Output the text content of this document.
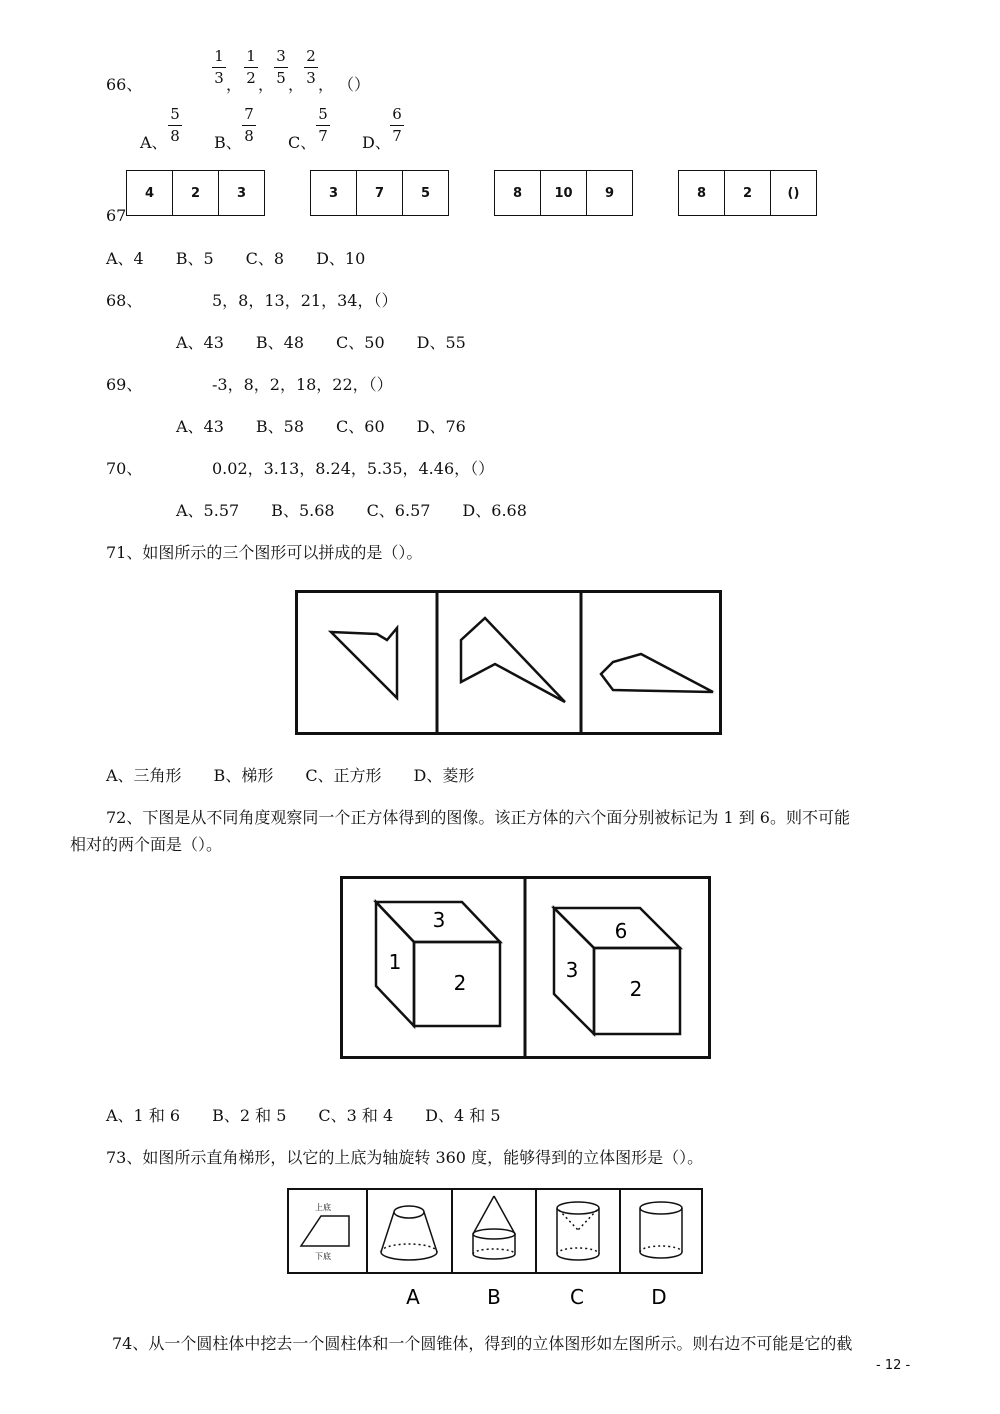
66、
1
3 ，
1
2 ，
3
5 ，
2
3 ， （）
A、
5
8 B、
7
8 C、
5
7 D、
6
7
4	2	3	3	7	5	8	10	9	8	2	()
67
A、4　　B、5　　C、8　　D、10
68、	5，8，13，21，34，（）
A、43　　B、48　　C、50　　D、55
69、	-3，8，2，18，22，（）
A、43　　B、58　　C、60　　D、76
70、	0.02，3.13，8.24，5.35，4.46，（）
A、5.57　　B、5.68　　C、6.57　　D、6.68
71、如图所示的三个图形可以拼成的是（）。
A、三角形　　B、梯形　　C、正方形　　D、菱形
72、下图是从不同角度观察同一个正方体得到的图像。该正方体的六个面分别被标记为 1 到 6。则不可能
相对的两个面是（）。
3
1
2
6
3
2
A、1 和 6　　B、2 和 5　　C、3 和 4　　D、4 和 5
73、如图所示直角梯形，以它的上底为轴旋转 360 度，能够得到的立体图形是（）。
上底
下底
A	B	C	D
74、从一个圆柱体中挖去一个圆柱体和一个圆锥体，得到的立体图形如左图所示。则右边不可能是它的截
- 12 -
